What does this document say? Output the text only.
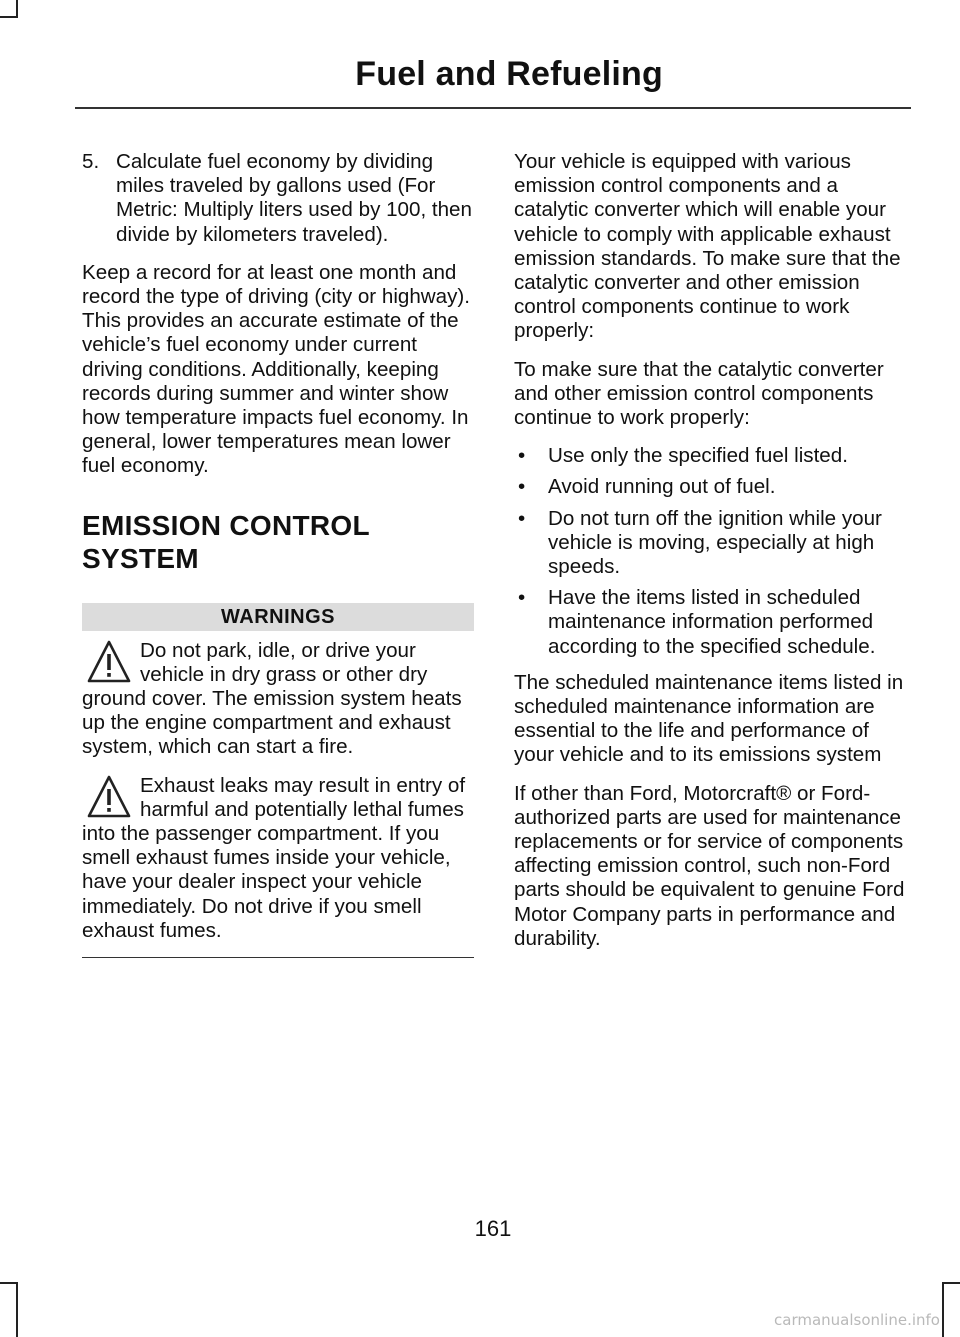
Fuel and Refueling
5. Calculate fuel economy by dividing miles traveled by gallons used (For Metric: Multiply liters used by 100, then divide by kilometers traveled).

Keep a record for at least one month and record the type of driving (city or highway). This provides an accurate estimate of the vehicle’s fuel economy under current driving conditions. Additionally, keeping records during summer and winter show how temperature impacts fuel economy. In general, lower temperatures mean lower fuel economy.

EMISSION CONTROL SYSTEM
WARNINGS
Do not park, idle, or drive your vehicle in dry grass or other dry ground cover. The emission system heats up the engine compartment and exhaust system, which can start a fire.
Exhaust leaks may result in entry of harmful and potentially lethal fumes into the passenger compartment. If you smell exhaust fumes inside your vehicle, have your dealer inspect your vehicle immediately. Do not drive if you smell exhaust fumes.

Your vehicle is equipped with various emission control components and a catalytic converter which will enable your vehicle to comply with applicable exhaust emission standards. To make sure that the catalytic converter and other emission control components continue to work properly:

To make sure that the catalytic converter and other emission control components continue to work properly:

•	Use only the specified fuel listed.
•	Avoid running out of fuel.
•	Do not turn off the ignition while your vehicle is moving, especially at high speeds.
•	Have the items listed in scheduled maintenance information performed according to the specified schedule.

The scheduled maintenance items listed in scheduled maintenance information are essential to the life and performance of your vehicle and to its emissions system

If other than Ford, Motorcraft® or Ford-authorized parts are used for maintenance replacements or for service of components affecting emission control, such non-Ford parts should be equivalent to genuine Ford Motor Company parts in performance and durability.

161
carmanualsonline.info
